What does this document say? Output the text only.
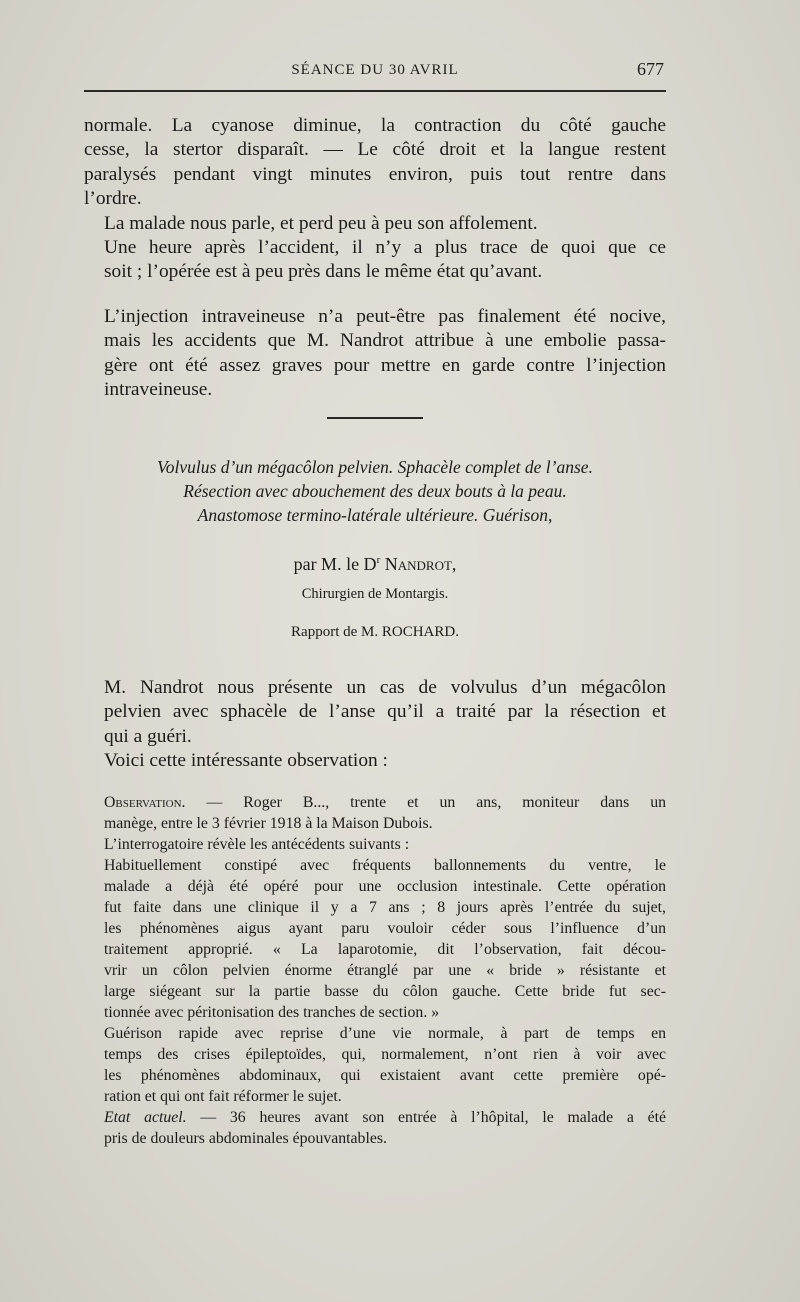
SÉANCE DU 30 AVRIL	677

normale. La cyanose diminue, la contraction du côté gauche
cesse, la stertor disparaît. — Le côté droit et la langue restent
paralysés pendant vingt minutes environ, puis tout rentre dans
l’ordre.

La malade nous parle, et perd peu à peu son affolement.

Une heure après l’accident, il n’y a plus trace de quoi que ce
soit ; l’opérée est à peu près dans le même état qu’avant.

L’injection intraveineuse n’a peut-être pas finalement été nocive,
mais les accidents que M. Nandrot attribue à une embolie passa-
gère ont été assez graves pour mettre en garde contre l’injection
intraveineuse.

Volvulus d’un mégacôlon pelvien. Sphacèle complet de l’anse.
Résection avec abouchement des deux bouts à la peau.
Anastomose termino-latérale ultérieure. Guérison,
par M. le $D^r$ Nandrot,
Chirurgien de Montargis.
Rapport de M. ROCHARD.

M. Nandrot nous présente un cas de volvulus d’un mégacôlon
pelvien avec sphacèle de l’anse qu’il a traité par la résection et
qui a guéri.

Voici cette intéressante observation :

Observation. — Roger B..., trente et un ans, moniteur dans un
manège, entre le 3 février 1918 à la Maison Dubois.

L’interrogatoire révèle les antécédents suivants :

Habituellement constipé avec fréquents ballonnements du ventre, le
malade a déjà été opéré pour une occlusion intestinale. Cette opération
fut faite dans une clinique il y a 7 ans ; 8 jours après l’entrée du sujet,
les phénomènes aigus ayant paru vouloir céder sous l’influence d’un
traitement approprié. « La laparotomie, dit l’observation, fait décou-
vrir un côlon pelvien énorme étranglé par une « bride » résistante et
large siégeant sur la partie basse du côlon gauche. Cette bride fut sec-
tionnée avec péritonisation des tranches de section. »

Guérison rapide avec reprise d’une vie normale, à part de temps en
temps des crises épileptoïdes, qui, normalement, n’ont rien à voir avec
les phénomènes abdominaux, qui existaient avant cette première opé-
ration et qui ont fait réformer le sujet.

Etat actuel. — 36 heures avant son entrée à l’hôpital, le malade a été
pris de douleurs abdominales épouvantables.
